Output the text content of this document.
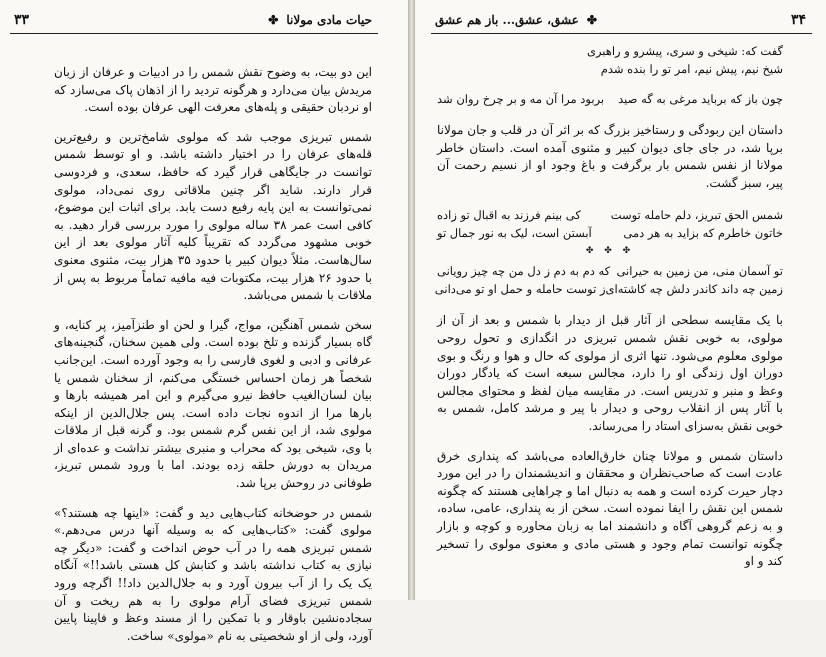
حیات مادی مولانا
✤
۳۳

این دو بیت، به وضوح نقش شمس را در ادبیات و عرفان از زبان مریدش بیان می‌دارد و هرگونه تردید را از اذهان پاک می‌سازد که او نردبان حقیقی و پله‌های معرفت الهی عرفان بوده است.

شمس تبریزی موجب شد که مولوی شامخ‌ترین و رفیع‌ترین قله‌های عرفان را در اختیار داشته باشد. و او توسط شمس توانست در جایگاهی قرار گیرد که حافظ، سعدی، و فردوسی قرار دارند. شاید اگر چنین ملاقاتی روی نمی‌داد، مولوی نمی‌توانست به این پایه رفیع دست یابد. برای اثبات این موضوع، کافی است عمر ۳۸ ساله مولوی را مورد بررسی قرار دهید. به خوبی مشهود می‌گردد که تقریباً کلیه آثار مولوی بعد از این سال‌هاست. مثلاً دیوان کبیر با حدود ۳۵ هزار بیت، مثنوی معنوی با حدود ۲۶ هزار بیت، مکتوبات فیه مافیه تماماً مربوط به پس از ملاقات با شمس می‌باشد.

سخن شمس آهنگین، مواج، گیرا و لحن او طنزآمیز، پر کنایه، و گاه بسیار گزنده و تلخ بوده است. ولی همین سخنان، گنجینه‌های عرفانی و ادبی و لغوی فارسی را به وجود آورده است. این‌جانب شخصاً هر زمان احساس خستگی می‌کنم، از سخنان شمس یا بیان لسان‌الغیب حافظ نیرو می‌گیرم و این امر همیشه بارها و بارها مرا از اندوه نجات داده است. پس جلال‌الدین از اینکه مولوی شد، از این نفس گرم شمس بود. و گرنه قبل از ملاقات با وی، شیخی بود که محراب و منبری بیشتر نداشت و عده‌ای از مریدان به دورش حلقه زده بودند. اما با ورود شمس تبریز، طوفانی در روحش برپا شد.

شمس در حوضخانه کتاب‌هایی دید و گفت: «اینها چه هستند؟» مولوی گفت: «کتاب‌هایی که به وسیله آنها درس می‌دهم.» شمس تبریزی همه را در آب حوض انداخت و گفت: «دیگر چه نیازی به کتاب نداشته باشد و کتابش کل هستی باشد!!» آنگاه یک یک را از آب بیرون آورد و به جلال‌الدین داد!! اگرچه ورود شمس تبریزی فضای آرام مولوی را به هم ریخت و آن سجاده‌نشین باوقار و با تمکین را از مسند وعظ و فاپینا پایین آورد، ولی از او شخصیتی به نام «مولوی» ساخت.

۳۴
✤
عشق، عشق... باز هم عشق

گفت که: شیخی و سری، پیشرو و راهبری

شیخ نیم، پیش نیم، امر تو را بنده شدم

چون باز که برباید مرغی به گه صید
بربود مرا آن مه و بر چرخ روان شد

داستان این ربودگی و رستاخیز بزرگ که بر اثر آن در قلب و جان مولانا برپا شد، در جای جای دیوان کبیر و مثنوی آمده است. داستان خاطر مولانا از نفس شمس بار برگرفت و باغ وجود او از نسیم رحمت آن پیر، سبز گشت.

شمس الحق تبریز، دلم حامله توست
کی بینم فرزند به اقبال تو زاده
خاتون خاطرم که بزاید به هر دمی
آبستن است، لیک به نور جمال تو
✤ ✤ ✤
تو آسمان منی، من زمین به حیرانی
که دم به دم ز دل من چه چیز رویانی
زمین چه داند کاندر دلش چه کاشته‌ای
ز توست حامله و حمل او تو می‌دانی

با یک مقایسه سطحی از آثار قبل از دیدار با شمس و بعد از آن از مولوی، به خوبی نقش شمس تبریزی در انگدازی و تحول روحی مولوی معلوم می‌شود. تنها اثری از مولوی که حال و هوا و رنگ و بوی دوران اول زندگی او را دارد، مجالس سبعه است که یادگار دوران وعظ و منبر و تدریس است. در مقایسه میان لفظ و محتوای مجالس با آثار پس از انقلاب روحی و دیدار با پیر و مرشد کامل، شمس به خوبی نقش به‌سزای استاد را می‌رساند.

داستان شمس و مولانا چنان خارق‌العاده می‌باشد که پنداری خرق عادت است که صاحب‌نظران و محققان و اندیشمندان را در این مورد دچار حیرت کرده است و همه به دنبال اما و چراهایی هستند که چگونه شمس این نقش را ایفا نموده است. سخن از به پنداری، عامی، ساده، و به زعم گروهی آگاه و دانشمند اما به زبان محاوره و کوچه و بازار چگونه توانست تمام وجود و هستی مادی و معنوی مولوی را تسخیر کند و او
